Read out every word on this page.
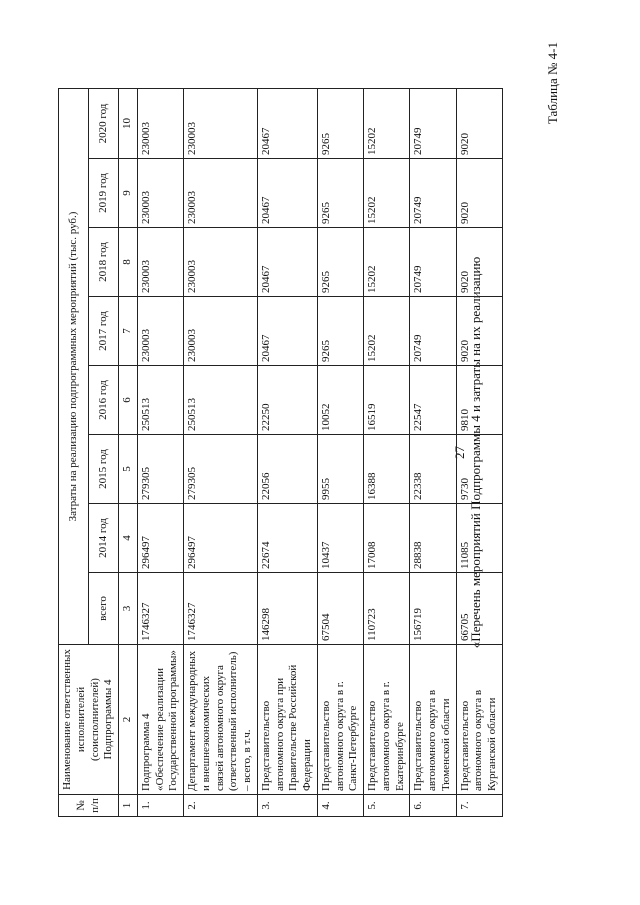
27 «Перечень мероприятий Подпрограммы 4 и затраты на их реализацию
Таблица № 4-1
№ п/п	Наименование ответственных исполнителей (соисполнителей) Подпрограммы 4	Затраты на реализацию подпрограммных мероприятий (тыс. руб.)							
		всего	2014 год	2015 год	2016 год	2017 год	2018 год	2019 год	2020 год
1	2	3	4	5	6	7	8	9	10
1.	Подпрограмма 4 «Обеспечение реализации Государственной программы»	1746327	296497	279305	250513	230003	230003	230003	230003
2.	Департамент международных и внешнеэкономических связей автономного округа (ответственный исполнитель) – всего, в т.ч.	1746327	296497	279305	250513	230003	230003	230003	230003
3.	Представительство автономного округа при Правительстве Российской Федерации	146298	22674	22056	22250	20467	20467	20467	20467
4.	Представительство автономного округа в г. Санкт-Петербурге	67504	10437	9955	10052	9265	9265	9265	9265
5.	Представительство автономного округа в г. Екатеринбурге	110723	17008	16388	16519	15202	15202	15202	15202
6.	Представительство автономного округа в Тюменской области	156719	28838	22338	22547	20749	20749	20749	20749
7.	Представительство автономного округа в Курганской области	66705	11085	9730	9810	9020	9020	9020	9020
